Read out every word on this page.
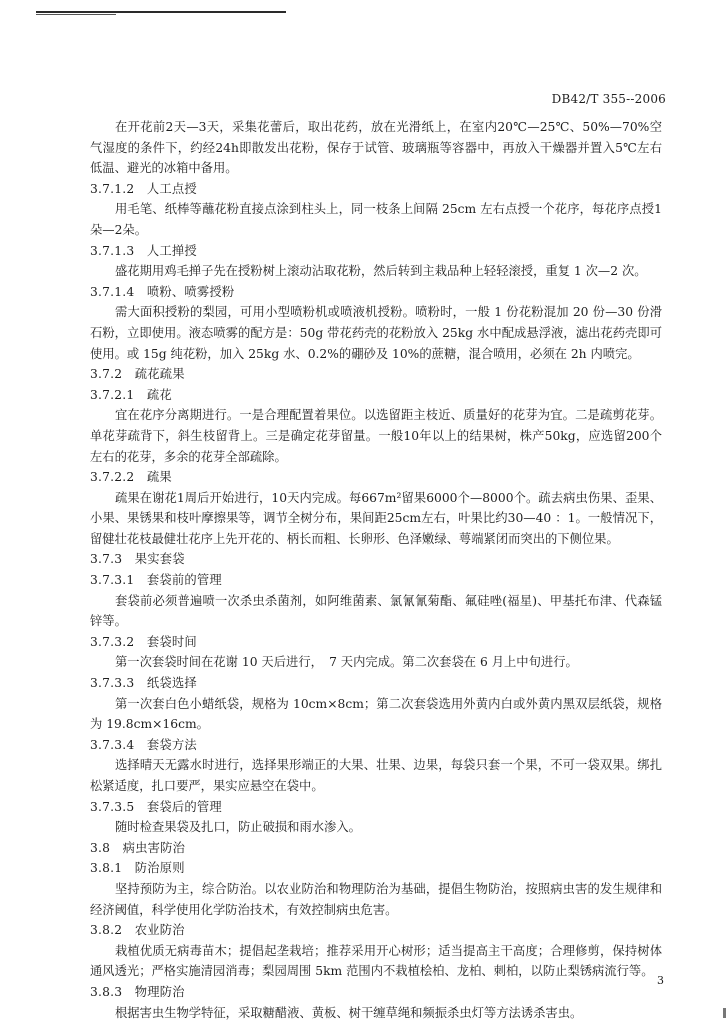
DB42/T 355--2006

在开花前2天—3天，采集花蕾后，取出花药，放在光滑纸上，在室内20℃—25℃、50%—70%空气湿度的条件下，约经24h即散发出花粉，保存于试管、玻璃瓶等容器中，再放入干燥器并置入5℃左右低温、避光的冰箱中备用。

3.7.1.2　人工点授

用毛笔、纸棒等蘸花粉直接点涂到柱头上，同一枝条上间隔 25cm 左右点授一个花序，每花序点授1朵—2朵。

3.7.1.3　人工掸授

盛花期用鸡毛掸子先在授粉树上滚动沾取花粉，然后转到主栽品种上轻轻滚授，重复 1 次—2 次。

3.7.1.4　喷粉、喷雾授粉

需大面积授粉的梨园，可用小型喷粉机或喷液机授粉。喷粉时，一般 1 份花粉混加 20 份—30 份滑石粉，立即使用。液态喷雾的配方是：50g 带花药壳的花粉放入 25kg 水中配成悬浮液，滤出花药壳即可使用。或 15g 纯花粉，加入 25kg 水、0.2%的硼砂及 10%的蔗糖，混合喷用，必须在 2h 内喷完。

3.7.2　疏花疏果

3.7.2.1　疏花

宜在花序分离期进行。一是合理配置着果位。以选留距主枝近、质量好的花芽为宜。二是疏剪花芽。单花芽疏背下，斜生枝留背上。三是确定花芽留量。一般10年以上的结果树，株产50kg，应选留200个左右的花芽，多余的花芽全部疏除。

3.7.2.2　疏果

疏果在谢花1周后开始进行，10天内完成。每667m²留果6000个—8000个。疏去病虫伤果、歪果、小果、果锈果和枝叶摩擦果等，调节全树分布，果间距25cm左右，叶果比约30—40 ：1。一般情况下，留健壮花枝最健壮花序上先开花的、柄长而粗、长卵形、色泽嫩绿、萼端紧闭而突出的下侧位果。

3.7.3　果实套袋

3.7.3.1　套袋前的管理

套袋前必须普遍喷一次杀虫杀菌剂，如阿维菌素、氯氰氰菊酯、氟硅唑(福星)、甲基托布津、代森锰锌等。

3.7.3.2　套袋时间

第一次套袋时间在花谢 10 天后进行，　7 天内完成。第二次套袋在 6 月上中旬进行。

3.7.3.3　纸袋选择

第一次套白色小蜡纸袋，规格为 10cm×8cm；第二次套袋选用外黄内白或外黄内黑双层纸袋，规格为 19.8cm×16cm。

3.7.3.4　套袋方法

选择晴天无露水时进行，选择果形端正的大果、壮果、边果，每袋只套一个果，不可一袋双果。绑扎松紧适度，扎口要严，果实应悬空在袋中。

3.7.3.5　套袋后的管理

随时检查果袋及扎口，防止破损和雨水渗入。

3.8　病虫害防治

3.8.1　防治原则

坚持预防为主，综合防治。以农业防治和物理防治为基础，提倡生物防治，按照病虫害的发生规律和经济阈值，科学使用化学防治技术，有效控制病虫危害。

3.8.2　农业防治

栽植优质无病毒苗木；提倡起垄栽培；推荐采用开心树形；适当提高主干高度；合理修剪，保持树体通风透光；严格实施清园消毒；梨园周围 5km 范围内不栽植桧柏、龙柏、刺柏，以防止梨锈病流行等。

3.8.3　物理防治

根据害虫生物学特征，采取糖醋液、黄板、树干缠草绳和频振杀虫灯等方法诱杀害虫。

3
